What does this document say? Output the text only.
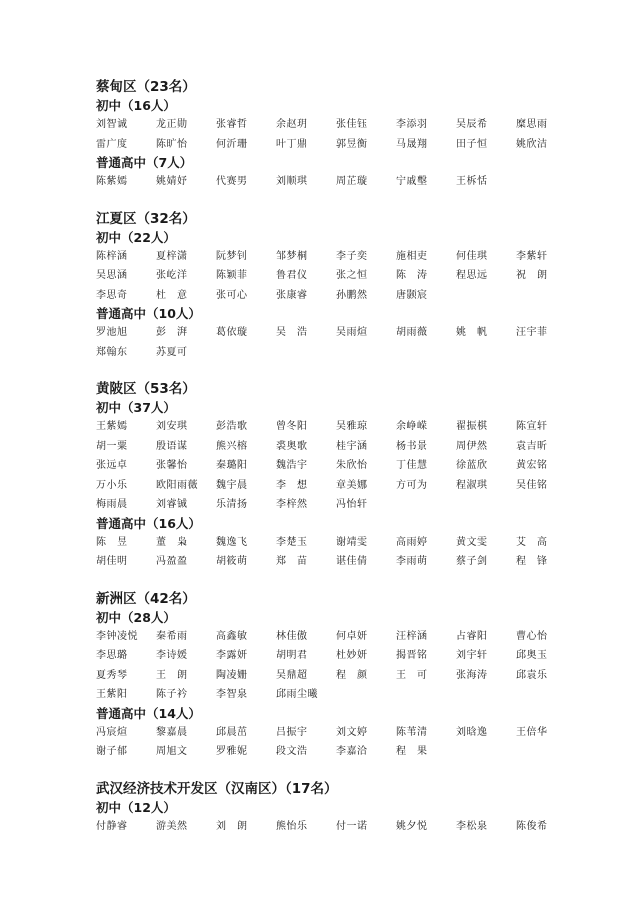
蔡甸区（23名）
初中（16人）
刘智诚	龙正勋	张睿哲	余赵玥	张佳钰	李添羽	吴辰希	糜思雨
雷广度	陈旷怡	何沂珊	叶丁鼎	郭昱衡	马晟翔	田子恒	姚欣洁
普通高中（7人）
陈紫嫣	姚婧妤	代赛男	刘顺琪	周芷璇	宁戚墼	王柝恬
江夏区（32名）
初中（22人）
陈梓涵	夏梓潇	阮梦钊	邹梦桐	李子奕	施相吏	何佳琪	李紫轩
吴思涵	张屹洋	陈颖菲	鲁君仪	张之恒	陈　涛	程思远	祝　朗
李思奇	杜　意	张可心	张康睿	孙鹏然	唐颢宸
普通高中（10人）
罗池旭	彭　湃	葛依璇	吴　浩	吴雨煊	胡雨薇	姚　帆	汪宇菲
郑翰东	苏夏可
黄陂区（53名）
初中（37人）
王紫嫣	刘安琪	彭浩歌	曾冬阳	吴雅琼	余峥嵘	翟振棋	陈宣轩
胡一粟	殷语谋	熊兴榕	裘奥歌	桂宇涵	杨书景	周伊然	袁吉昕
张远卓	张馨怡	秦璐阳	魏浩宇	朱欣怡	丁佳慧	徐蓝欣	黄宏铭
万小乐	欧阳雨薇	魏宇晨	李　想	章美娜	方可为	程淑琪	吴佳铭
梅雨晨	刘睿铖	乐清扬	李梓然	冯怡轩
普通高中（16人）
陈　昱	董　枭	魏逸飞	李楚玉	谢靖雯	高雨婷	黄文雯	艾　高
胡佳明	冯盈盈	胡筱萌	郑　苗	谌佳倩	李雨萌	蔡子剑	程　锋
新洲区（42名）
初中（28人）
李钟凌悦	秦希雨	高鑫敏	林佳傲	何卓妍	汪梓涵	占睿阳	曹心怡
李思璐	李诗媛	李露妍	胡明君	杜妙妍	揭晋铭	刘宇轩	邱奥玉
夏秀琴	王　朗	陶凌姗	吴鼎超	程　颜	王　可	张海涛	邱袁乐
王紫阳	陈子衿	李智泉	邱雨尘曦
普通高中（14人）
冯宸煊	黎嘉晨	邱晨茁	吕振宇	刘文婷	陈苇清	刘晗逸	王倍华
谢子郁	周旭文	罗雅妮	段文浩	李嘉洽	程　果
武汉经济技术开发区（汉南区）（17名）
初中（12人）
付静睿	游美然	刘　朗	熊怡乐	付一诺	姚夕悦	李松泉	陈俊希
